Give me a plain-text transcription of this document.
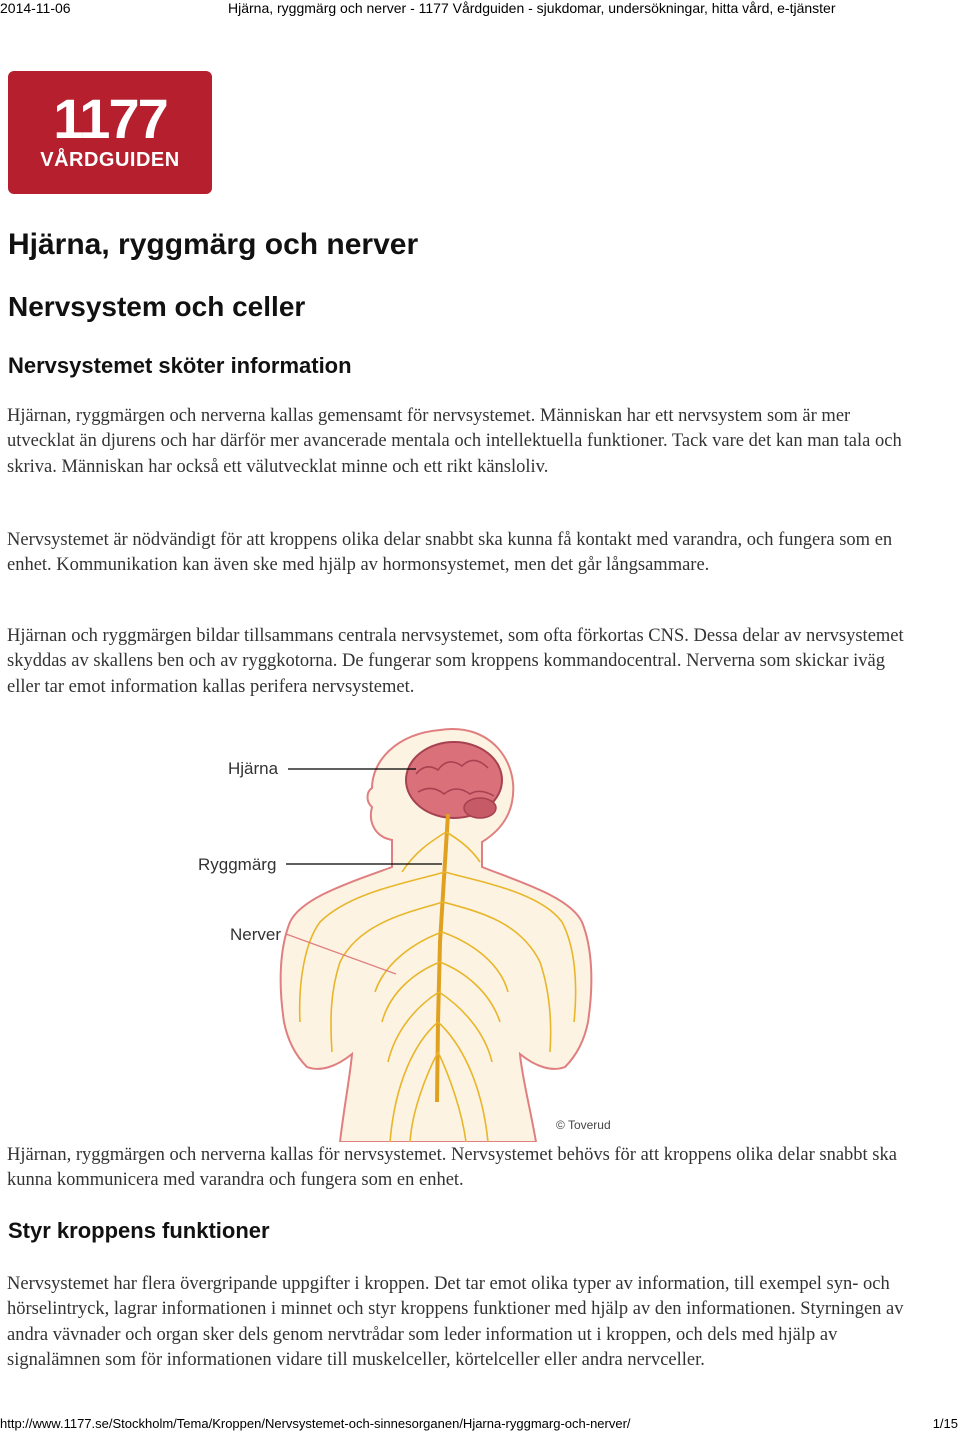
2014-11-06	Hjärna, ryggmärg och nerver - 1177 Vårdguiden - sjukdomar, undersökningar, hitta vård, e-tjänster
1177
VÅRDGUIDEN
Hjärna, ryggmärg och nerver
Nervsystem och celler
Nervsystemet sköter information

Hjärnan, ryggmärgen och nerverna kallas gemensamt för nervsystemet. Människan har ett nervsystem som är mer utvecklat än djurens och har därför mer avancerade mentala och intellektuella funktioner. Tack vare det kan man tala och skriva. Människan har också ett välutvecklat minne och ett rikt känsloliv.

Nervsystemet är nödvändigt för att kroppens olika delar snabbt ska kunna få kontakt med varandra, och fungera som en enhet. Kommunikation kan även ske med hjälp av hormonsystemet, men det går långsammare.

Hjärnan och ryggmärgen bildar tillsammans centrala nervsystemet, som ofta förkortas CNS. Dessa delar av nervsystemet skyddas av skallens ben och av ryggkotorna. De fungerar som kroppens kommandocentral. Nerverna som skickar iväg eller tar emot information kallas perifera nervsystemet.

Hjärna
Ryggmärg
Nerver
© Toverud

Hjärnan, ryggmärgen och nerverna kallas för nervsystemet. Nervsystemet behövs för att kroppens olika delar snabbt ska kunna kommunicera med varandra och fungera som en enhet.

Styr kroppens funktioner

Nervsystemet har flera övergripande uppgifter i kroppen. Det tar emot olika typer av information, till exempel syn- och hörselintryck, lagrar informationen i minnet och styr kroppens funktioner med hjälp av den informationen. Styrningen av andra vävnader och organ sker dels genom nervtrådar som leder information ut i kroppen, och dels med hjälp av signalämnen som för informationen vidare till muskelceller, körtelceller eller andra nervceller.

http://www.1177.se/Stockholm/Tema/Kroppen/Nervsystemet-och-sinnesorganen/Hjarna-ryggmarg-och-nerver/	1/15
